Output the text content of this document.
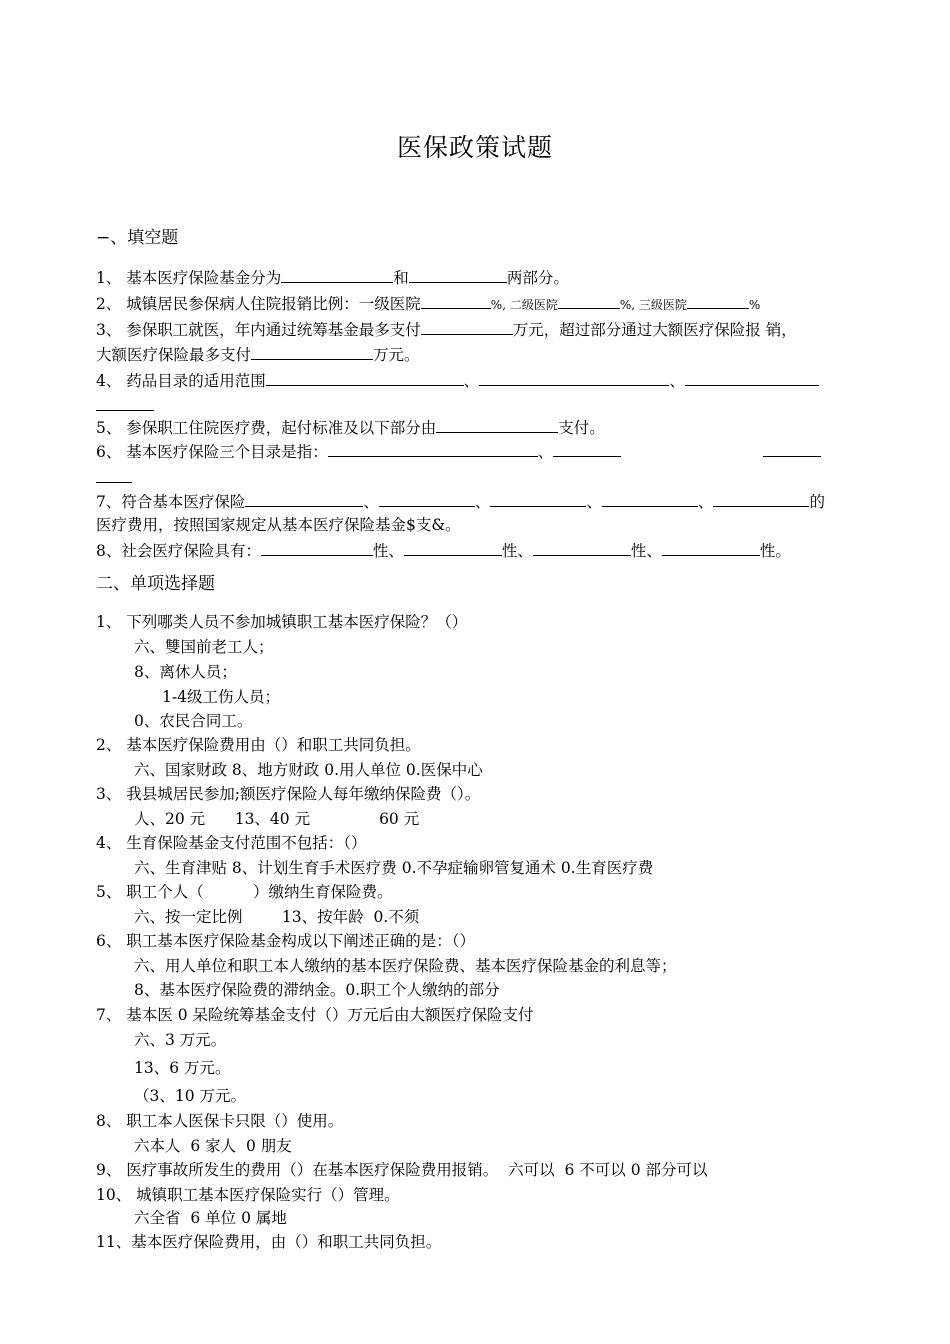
医保政策试题
−、填空题
1、 基本医疗保险基金分为	和	两部分。
2、 城镇居民参保病人住院报销比例：一级医院	%, 二级医院	%, 三级医院	%
3、 参保职工就医，年内通过统筹基金最多支付	万元，超过部分通过大额医疗保险报 销，
大额医疗保险最多支付	万元。
4、 药品目录的适用范围	、	、
5、 参保职工住院医疗费，起付标准及以下部分由	支付。
6、 基本医疗保险三个目录是指：	、
7、符合基本医疗保险	、	、	、	、	的
医疗费用，按照国家规定从基本医疗保险基金$支&。
8、社会医疗保险具有：	性、	性、	性、	性。
二、单项选择题
1、 下列哪类人员不参加城镇职工基本医疗保险？（）
六、雙国前老工人；
8、离休人员；
1-4级工伤人员；
0、农民合同工。
2、 基本医疗保险费用由（）和职工共同负担。
六、国家财政 8、地方财政 0.用人单位 0.医保中心
3、 我县城居民参加;额医疗保险人每年缴纳保险费（）。
人、20 元      13、40 元              60 元
4、 生育保险基金支付范围不包括：（）
六、生育津贴 8、计划生育手术医疗费 0.不孕症输卵管复通术 0.生育医疗费
5、 职工个人（          ）缴纳生育保险费。
六、按一定比例        13、按年龄  0.不须
6、 职工基本医疗保险基金构成以下阐述正确的是：（）
六、用人单位和职工本人缴纳的基本医疗保险费、基本医疗保险基金的利息等；
8、基本医疗保险费的滞纳金。0.职工个人缴纳的部分
7、 基本医 0 呆险统筹基金支付（）万元后由大额医疗保险支付
六、3 万元。
13、6 万元。
（3、10 万元。
8、 职工本人医保卡只限（）使用。
六本人  6 家人  0 朋友
9、 医疗事故所发生的费用（）在基本医疗保险费用报销。  六可以  6 不可以 0 部分可以
10、 城镇职工基本医疗保险实行（）管理。
六全省  6 单位 0 属地
11、基本医疗保险费用，由（）和职工共同负担。
